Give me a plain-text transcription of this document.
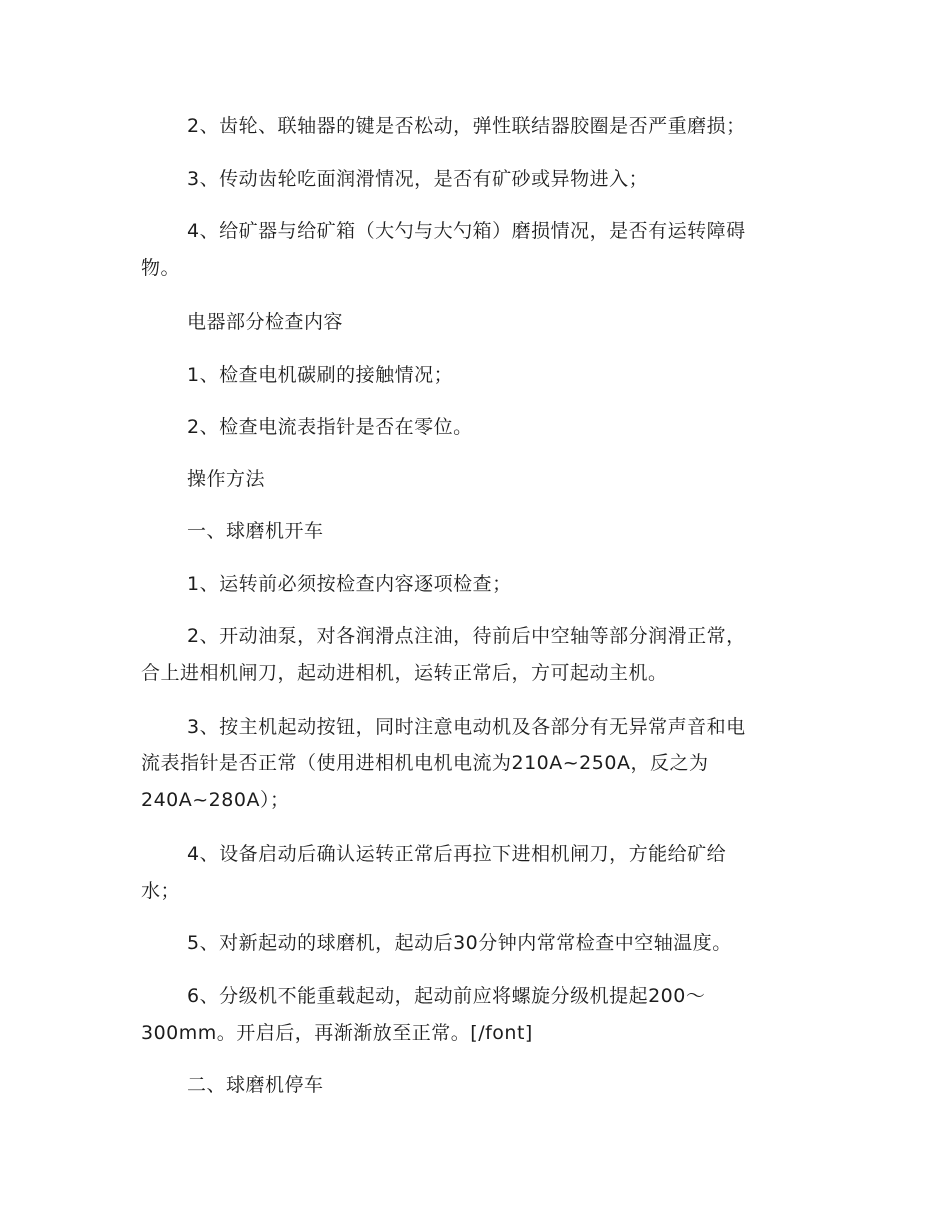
2、齿轮、联轴器的键是否松动，弹性联结器胶圈是否严重磨损；

3、传动齿轮吃面润滑情况，是否有矿砂或异物进入；

4、给矿器与给矿箱（大勺与大勺箱）磨损情况，是否有运转障碍

物。

电器部分检查内容

1、检查电机碳刷的接触情况；

2、检查电流表指针是否在零位。

操作方法

一、球磨机开车

1、运转前必须按检查内容逐项检查；

2、开动油泵，对各润滑点注油，待前后中空轴等部分润滑正常，

合上进相机闸刀，起动进相机，运转正常后，方可起动主机。

3、按主机起动按钮，同时注意电动机及各部分有无异常声音和电

流表指针是否正常（使用进相机电机电流为210A~250A，反之为

240A~280A）；

4、设备启动后确认运转正常后再拉下进相机闸刀，方能给矿给

水；

5、对新起动的球磨机，起动后30分钟内常常检查中空轴温度。

6、分级机不能重载起动，起动前应将螺旋分级机提起200～

300mm。开启后，再渐渐放至正常。[/font]

二、球磨机停车
